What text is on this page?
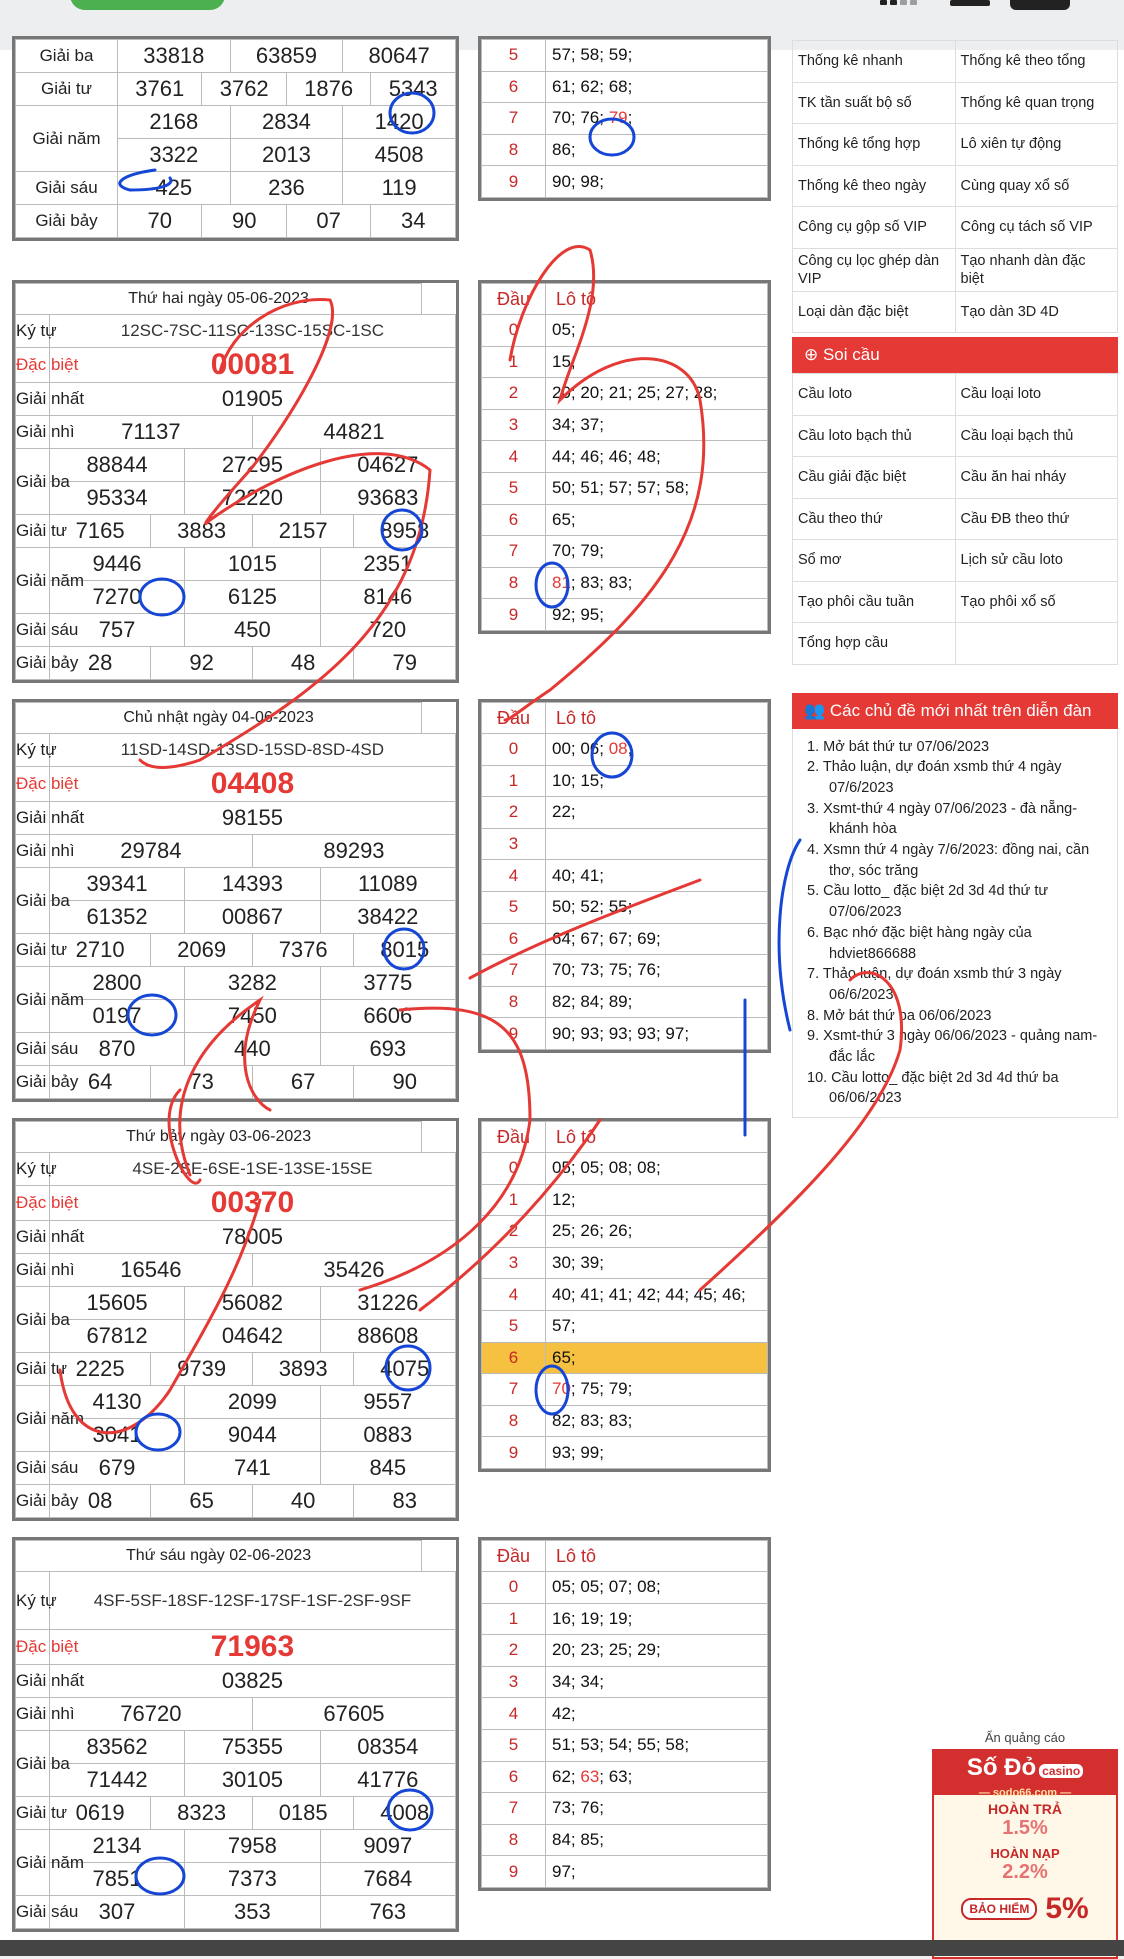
Giải ba	33818				63859				80647			
Giải tư	3761			3762			1876			5343		
Giải năm	2168				2834				1420			
	3322				2013				4508			
Giải sáu	425				236				119			
Giải bảy	70			90			07			34		

Thứ hai ngày 05-06-2023												
Ký tự	12SC-7SC-11SC-13SC-15SC-1SC											
Đặc biệt	00081											
Giải nhất	01905											
Giải nhì	71137						44821					
Giải ba	88844				27295				04627			
	95334				72220				93683			
Giải tư	7165			3883			2157			8958		
Giải năm	9446				1015				2351			
	7270				6125				8146			
Giải sáu	757				450				720			
Giải bảy	28			92			48			79		

Chủ nhật ngày 04-06-2023												
Ký tự	11SD-14SD-13SD-15SD-8SD-4SD											
Đặc biệt	04408											
Giải nhất	98155											
Giải nhì	29784						89293					
Giải ba	39341				14393				11089			
	61352				00867				38422			
Giải tư	2710			2069			7376			8015		
Giải năm	2800				3282				3775			
	0197				7450				6606			
Giải sáu	870				440				693			
Giải bảy	64			73			67			90		

Thứ bảy ngày 03-06-2023												
Ký tự	4SE-2SE-6SE-1SE-13SE-15SE											
Đặc biệt	00370											
Giải nhất	78005											
Giải nhì	16546						35426					
Giải ba	15605				56082				31226			
	67812				04642				88608			
Giải tư	2225			9739			3893			4075		
Giải năm	4130				2099				9557			
	3041				9044				0883			
Giải sáu	679				741				845			
Giải bảy	08			65			40			83		

Thứ sáu ngày 02-06-2023												
Ký tự	4SF-5SF-18SF-12SF-17SF-1SF-2SF-9SF											
Đặc biệt	71963											
Giải nhất	03825											
Giải nhì	76720						67605					
Giải ba	83562				75355				08354			
	71442				30105				41776			
Giải tư	0619			8323			0185			4008		
Giải năm	2134				7958				9097			
	7851				7373				7684			
Giải sáu	307				353				763			

5	57; 58; 59;
6	61; 62; 68;
7	70; 76; 79;
8	86;
9	90; 98;
Đầu	Lô tô
0	05;
1	15;
2	20; 20; 21; 25; 27; 28;
3	34; 37;
4	44; 46; 46; 48;
5	50; 51; 57; 57; 58;
6	65;
7	70; 79;
8	81; 83; 83;
9	92; 95;
Đầu	Lô tô
0	00; 06; 08;
1	10; 15;
2	22;
3	
4	40; 41;
5	50; 52; 55;
6	64; 67; 67; 69;
7	70; 73; 75; 76;
8	82; 84; 89;
9	90; 93; 93; 93; 97;
Đầu	Lô tô
0	05; 05; 08; 08;
1	12;
2	25; 26; 26;
3	30; 39;
4	40; 41; 41; 42; 44; 45; 46;
5	57;
6	65;
7	70; 75; 79;
8	82; 83; 83;
9	93; 99;
Đầu	Lô tô
0	05; 05; 07; 08;
1	16; 19; 19;
2	20; 23; 25; 29;
3	34; 34;
4	42;
5	51; 53; 54; 55; 58;
6	62; 63; 63;
7	73; 76;
8	84; 85;
9	97;
Thống kê nhanh	Thống kê theo tổng
TK tần suất bộ số	Thống kê quan trọng
Thống kê tổng hợp	Lô xiên tự động
Thống kê theo ngày	Cùng quay xổ số
Công cụ gộp số VIP	Công cụ tách số VIP
Công cụ lọc ghép dàn VIP	Tạo nhanh dàn đặc biệt
Loại dàn đặc biệt	Tạo dàn 3D 4D
⊕ Soi cầu
Cầu loto	Cầu loại loto
Cầu loto bạch thủ	Cầu loại bạch thủ
Cầu giải đặc biệt	Cầu ăn hai nháy
Cầu theo thứ	Cầu ĐB theo thứ
Sổ mơ	Lịch sử cầu loto
Tạo phôi cầu tuần	Tạo phôi xổ số
Tổng hợp cầu	
👥 Các chủ đề mới nhất trên diễn đàn
1. Mở bát thứ tư 07/06/2023
2. Thảo luận, dự đoán xsmb thứ 4 ngày 07/6/2023
3. Xsmt-thứ 4 ngày 07/06/2023 - đà nẵng-khánh hòa
4. Xsmn thứ 4 ngày 7/6/2023: đồng nai, cần thơ, sóc trăng
5. Cầu lotto_ đặc biệt 2d 3d 4d thứ tư 07/06/2023
6. Bạc nhớ đặc biệt hàng ngày của hdviet866688
7. Thảo luận, dự đoán xsmb thứ 3 ngày 06/6/2023
8. Mở bát thứ ba 06/06/2023
9. Xsmt-thứ 3 ngày 06/06/2023 - quảng nam-đắc lắc
10. Cầu lotto_ đặc biệt 2d 3d 4d thứ ba 06/06/2023
Ẩn quảng cáo
Số Đỏ casino
— sodo66.com —
HOÀN TRẢ
1.5%
HOÀN NẠP
2.2%
BẢO HIỂM 5%
